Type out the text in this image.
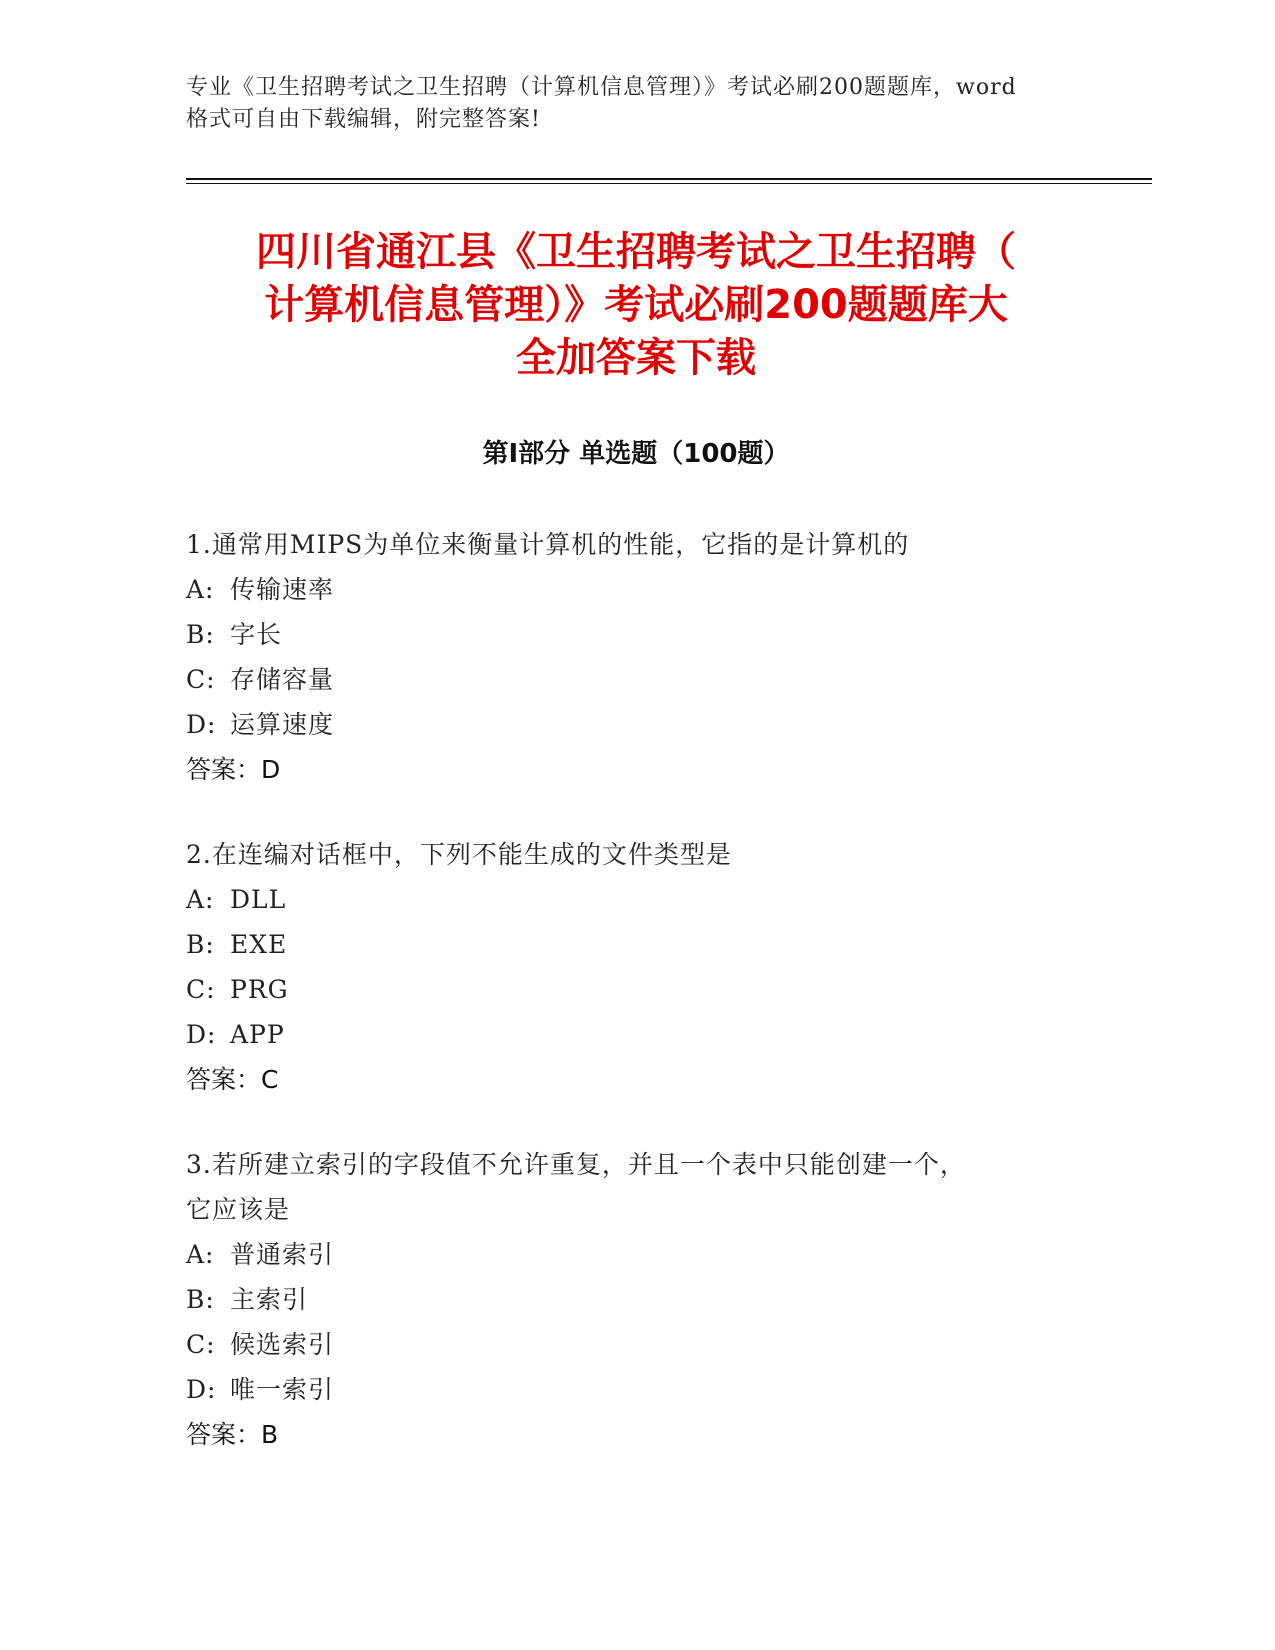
专业《卫生招聘考试之卫生招聘（计算机信息管理）》考试必刷200题题库，word
格式可自由下载编辑，附完整答案!
四川省通江县《卫生招聘考试之卫生招聘（
计算机信息管理）》考试必刷200题题库大
全加答案下载
第Ⅰ部分 单选题（100题）
1.通常用MIPS为单位来衡量计算机的性能，它指的是计算机的
A: 传输速率
B: 字长
C: 存储容量
D: 运算速度
答案：D
2.在连编对话框中，下列不能生成的文件类型是
A: DLL
B: EXE
C: PRG
D: APP
答案：C
3.若所建立索引的字段值不允许重复，并且一个表中只能创建一个，
它应该是
A: 普通索引
B: 主索引
C: 候选索引
D: 唯一索引
答案：B
